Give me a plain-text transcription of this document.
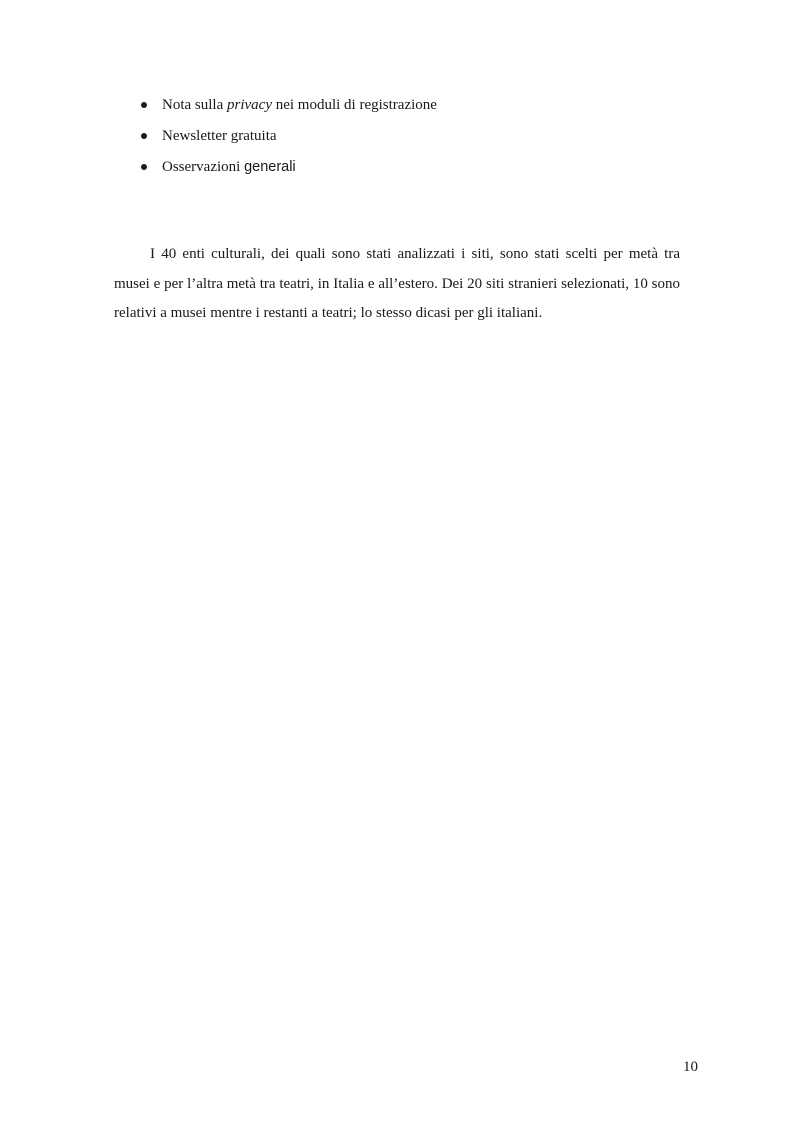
Nota sulla privacy nei moduli di registrazione
Newsletter gratuita
Osservazioni generali

I 40 enti culturali, dei quali sono stati analizzati i siti, sono stati scelti per metà tra musei e per l’altra metà tra teatri, in Italia e all’estero. Dei 20 siti stranieri selezionati, 10 sono relativi a musei mentre i restanti a teatri; lo stesso dicasi per gli italiani.

10
